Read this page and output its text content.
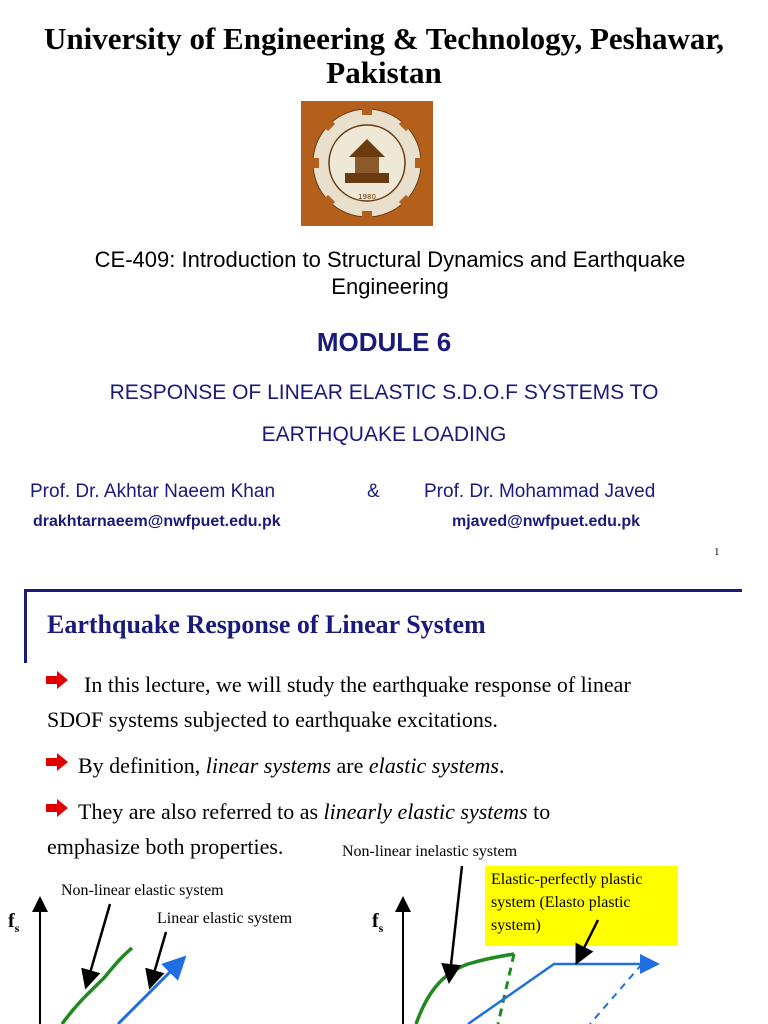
University of Engineering & Technology, Peshawar, Pakistan
1980
CE-409: Introduction to Structural Dynamics and Earthquake Engineering
MODULE 6
RESPONSE OF LINEAR ELASTIC S.D.O.F SYSTEMS TO
EARTHQUAKE LOADING
Prof. Dr. Akhtar Naeem Khan	& Prof. Dr. Mohammad Javed
drakhtarnaeem@nwfpuet.edu.pk	mjaved@nwfpuet.edu.pk
1
Earthquake Response of Linear System
In this lecture, we will study the earthquake response of linear
SDOF systems subjected to earthquake excitations.
By definition, linear systems are elastic systems.
They are also referred to as linearly elastic systems to
emphasize both properties.	Non-linear inelastic system
Non-linear elastic system
Linear elastic system
Elastic-perfectly plastic system (Elasto plastic system)
$f_s$	$f_s$
